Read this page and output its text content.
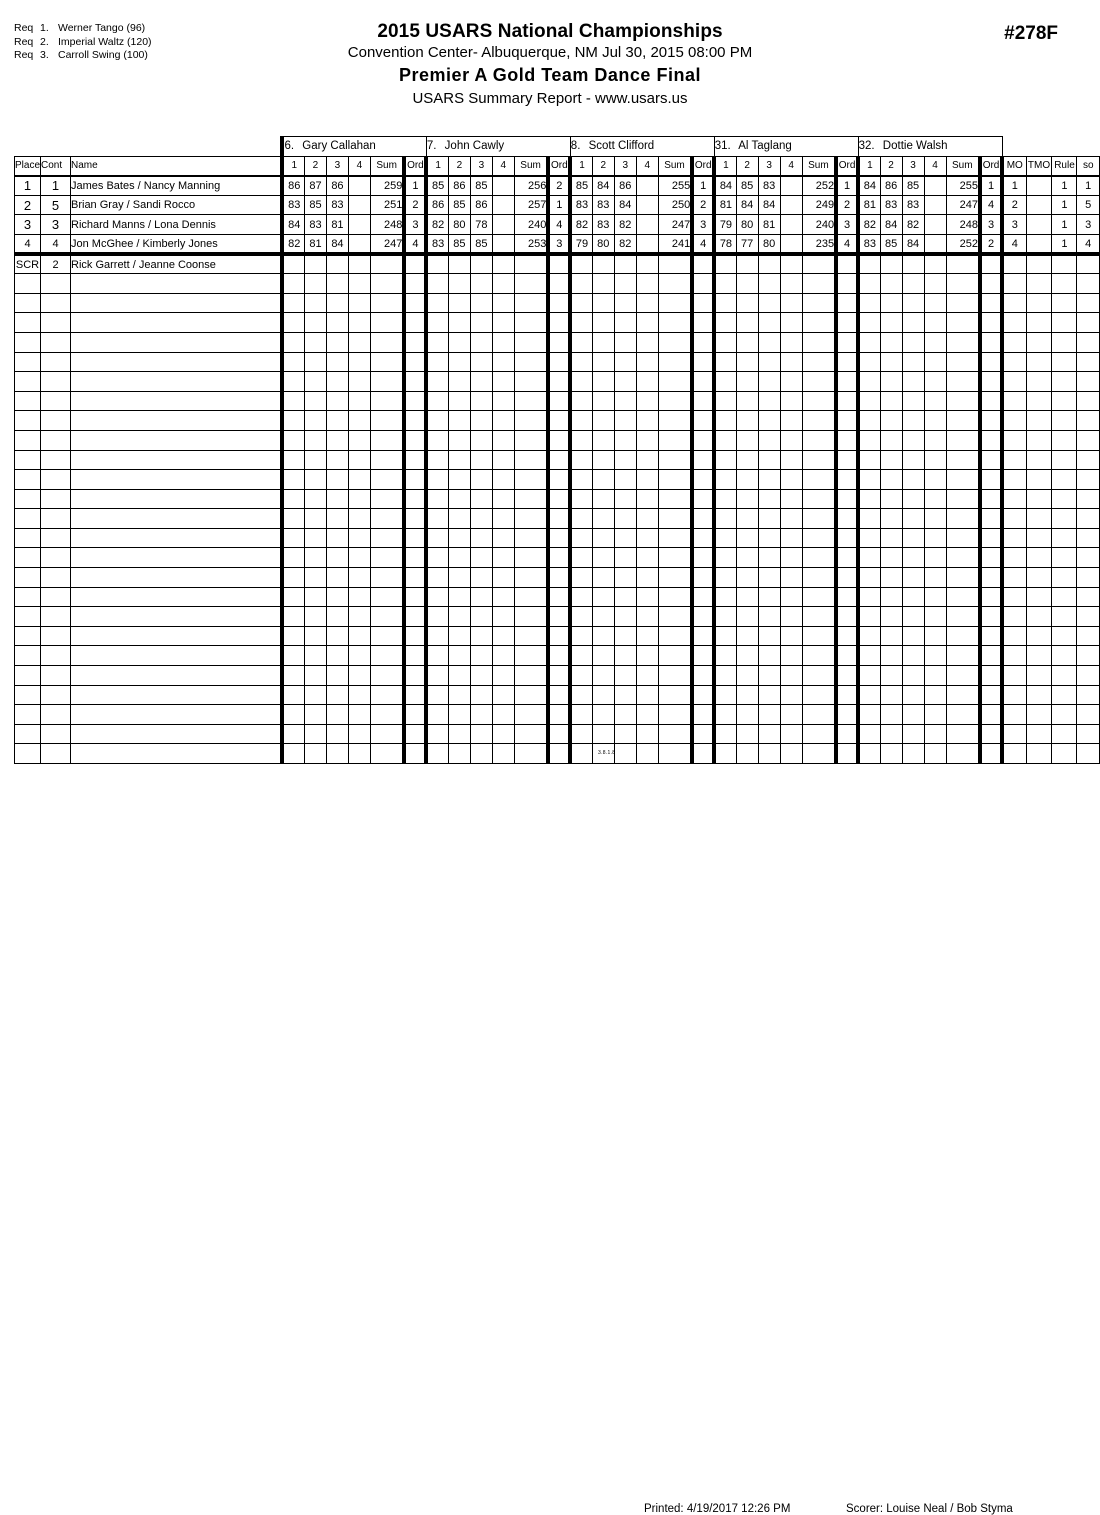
Req 1. Werner Tango (96)
Req 2. Imperial Waltz (120)
Req 3. Carroll Swing (100)
2015 USARS National Championships
Convention Center- Albuquerque, NM Jul 30, 2015 08:00 PM
Premier A Gold Team Dance Final
USARS Summary Report - www.usars.us
#278F
			6. Gary Callahan						7. John Cawly						8. Scott Clifford						31. Al Taglang						32. Dottie Walsh									
Place	Cont	Name	1	2	3	4	Sum	Ord	1	2	3	4	Sum	Ord	1	2	3	4	Sum	Ord	1	2	3	4	Sum	Ord	1	2	3	4	Sum	Ord	MO	TMO	Rule	so
1	1	James Bates / Nancy Manning	86	87	86		259	1	85	86	85		256	2	85	84	86		255	1	84	85	83		252	1	84	86	85		255	1	1		1	1
2	5	Brian Gray / Sandi Rocco	83	85	83		251	2	86	85	86		257	1	83	83	84		250	2	81	84	84		249	2	81	83	83		247	4	2		1	5
3	3	Richard Manns / Lona Dennis	84	83	81		248	3	82	80	78		240	4	82	83	82		247	3	79	80	81		240	3	82	84	82		248	3	3		1	3
4	4	Jon McGhee / Kimberly Jones	82	81	84		247	4	83	85	85		253	3	79	80	82		241	4	78	77	80		235	4	83	85	84		252	2	4		1	4
SCR	2	Rick Garrett / Jeanne Coonse																																		

3.8.1.8
Printed: 4/19/2017 12:26 PM	Scorer: Louise Neal / Bob Styma
